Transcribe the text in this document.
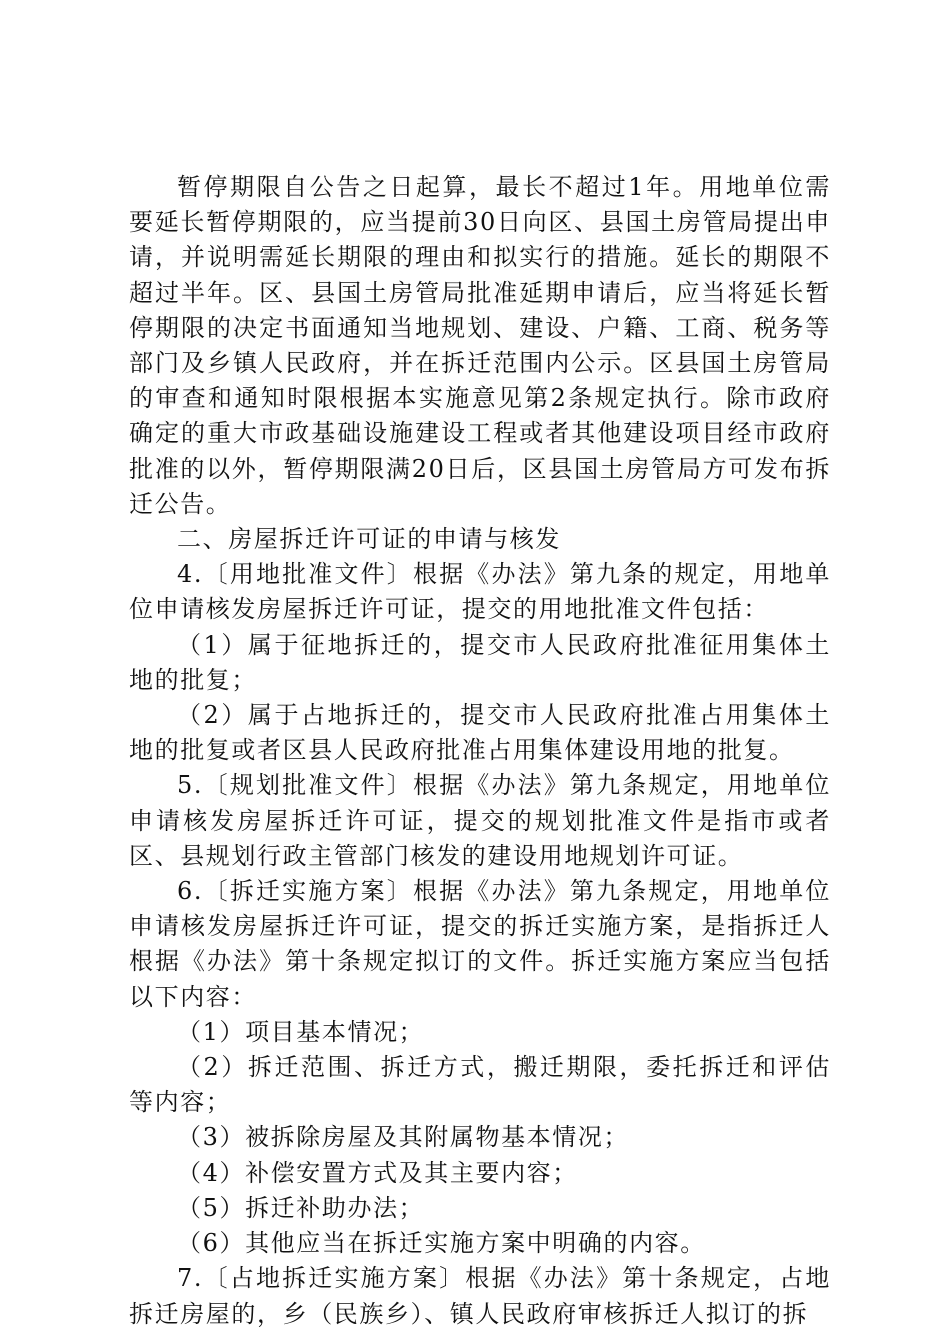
暂停期限自公告之日起算，最长不超过1年。用地单位需要延长暂停期限的，应当提前30日向区、县国土房管局提出申请，并说明需延长期限的理由和拟实行的措施。延长的期限不超过半年。区、县国土房管局批准延期申请后，应当将延长暂停期限的决定书面通知当地规划、建设、户籍、工商、税务等部门及乡镇人民政府，并在拆迁范围内公示。区县国土房管局的审查和通知时限根据本实施意见第2条规定执行。除市政府确定的重大市政基础设施建设工程或者其他建设项目经市政府批准的以外，暂停期限满20日后，区县国土房管局方可发布拆迁公告。

二、房屋拆迁许可证的申请与核发

4.〔用地批准文件〕根据《办法》第九条的规定，用地单位申请核发房屋拆迁许可证，提交的用地批准文件包括：

（1）属于征地拆迁的，提交市人民政府批准征用集体土地的批复；

（2）属于占地拆迁的，提交市人民政府批准占用集体土地的批复或者区县人民政府批准占用集体建设用地的批复。

5.〔规划批准文件〕根据《办法》第九条规定，用地单位申请核发房屋拆迁许可证，提交的规划批准文件是指市或者区、县规划行政主管部门核发的建设用地规划许可证。

6.〔拆迁实施方案〕根据《办法》第九条规定，用地单位申请核发房屋拆迁许可证，提交的拆迁实施方案，是指拆迁人根据《办法》第十条规定拟订的文件。拆迁实施方案应当包括以下内容：

（1）项目基本情况；

（2）拆迁范围、拆迁方式，搬迁期限，委托拆迁和评估等内容；

（3）被拆除房屋及其附属物基本情况；

（4）补偿安置方式及其主要内容；

（5）拆迁补助办法；

（6）其他应当在拆迁实施方案中明确的内容。

7.〔占地拆迁实施方案〕根据《办法》第十条规定，占地拆迁房屋的，乡（民族乡）、镇人民政府审核拆迁人拟订的拆
